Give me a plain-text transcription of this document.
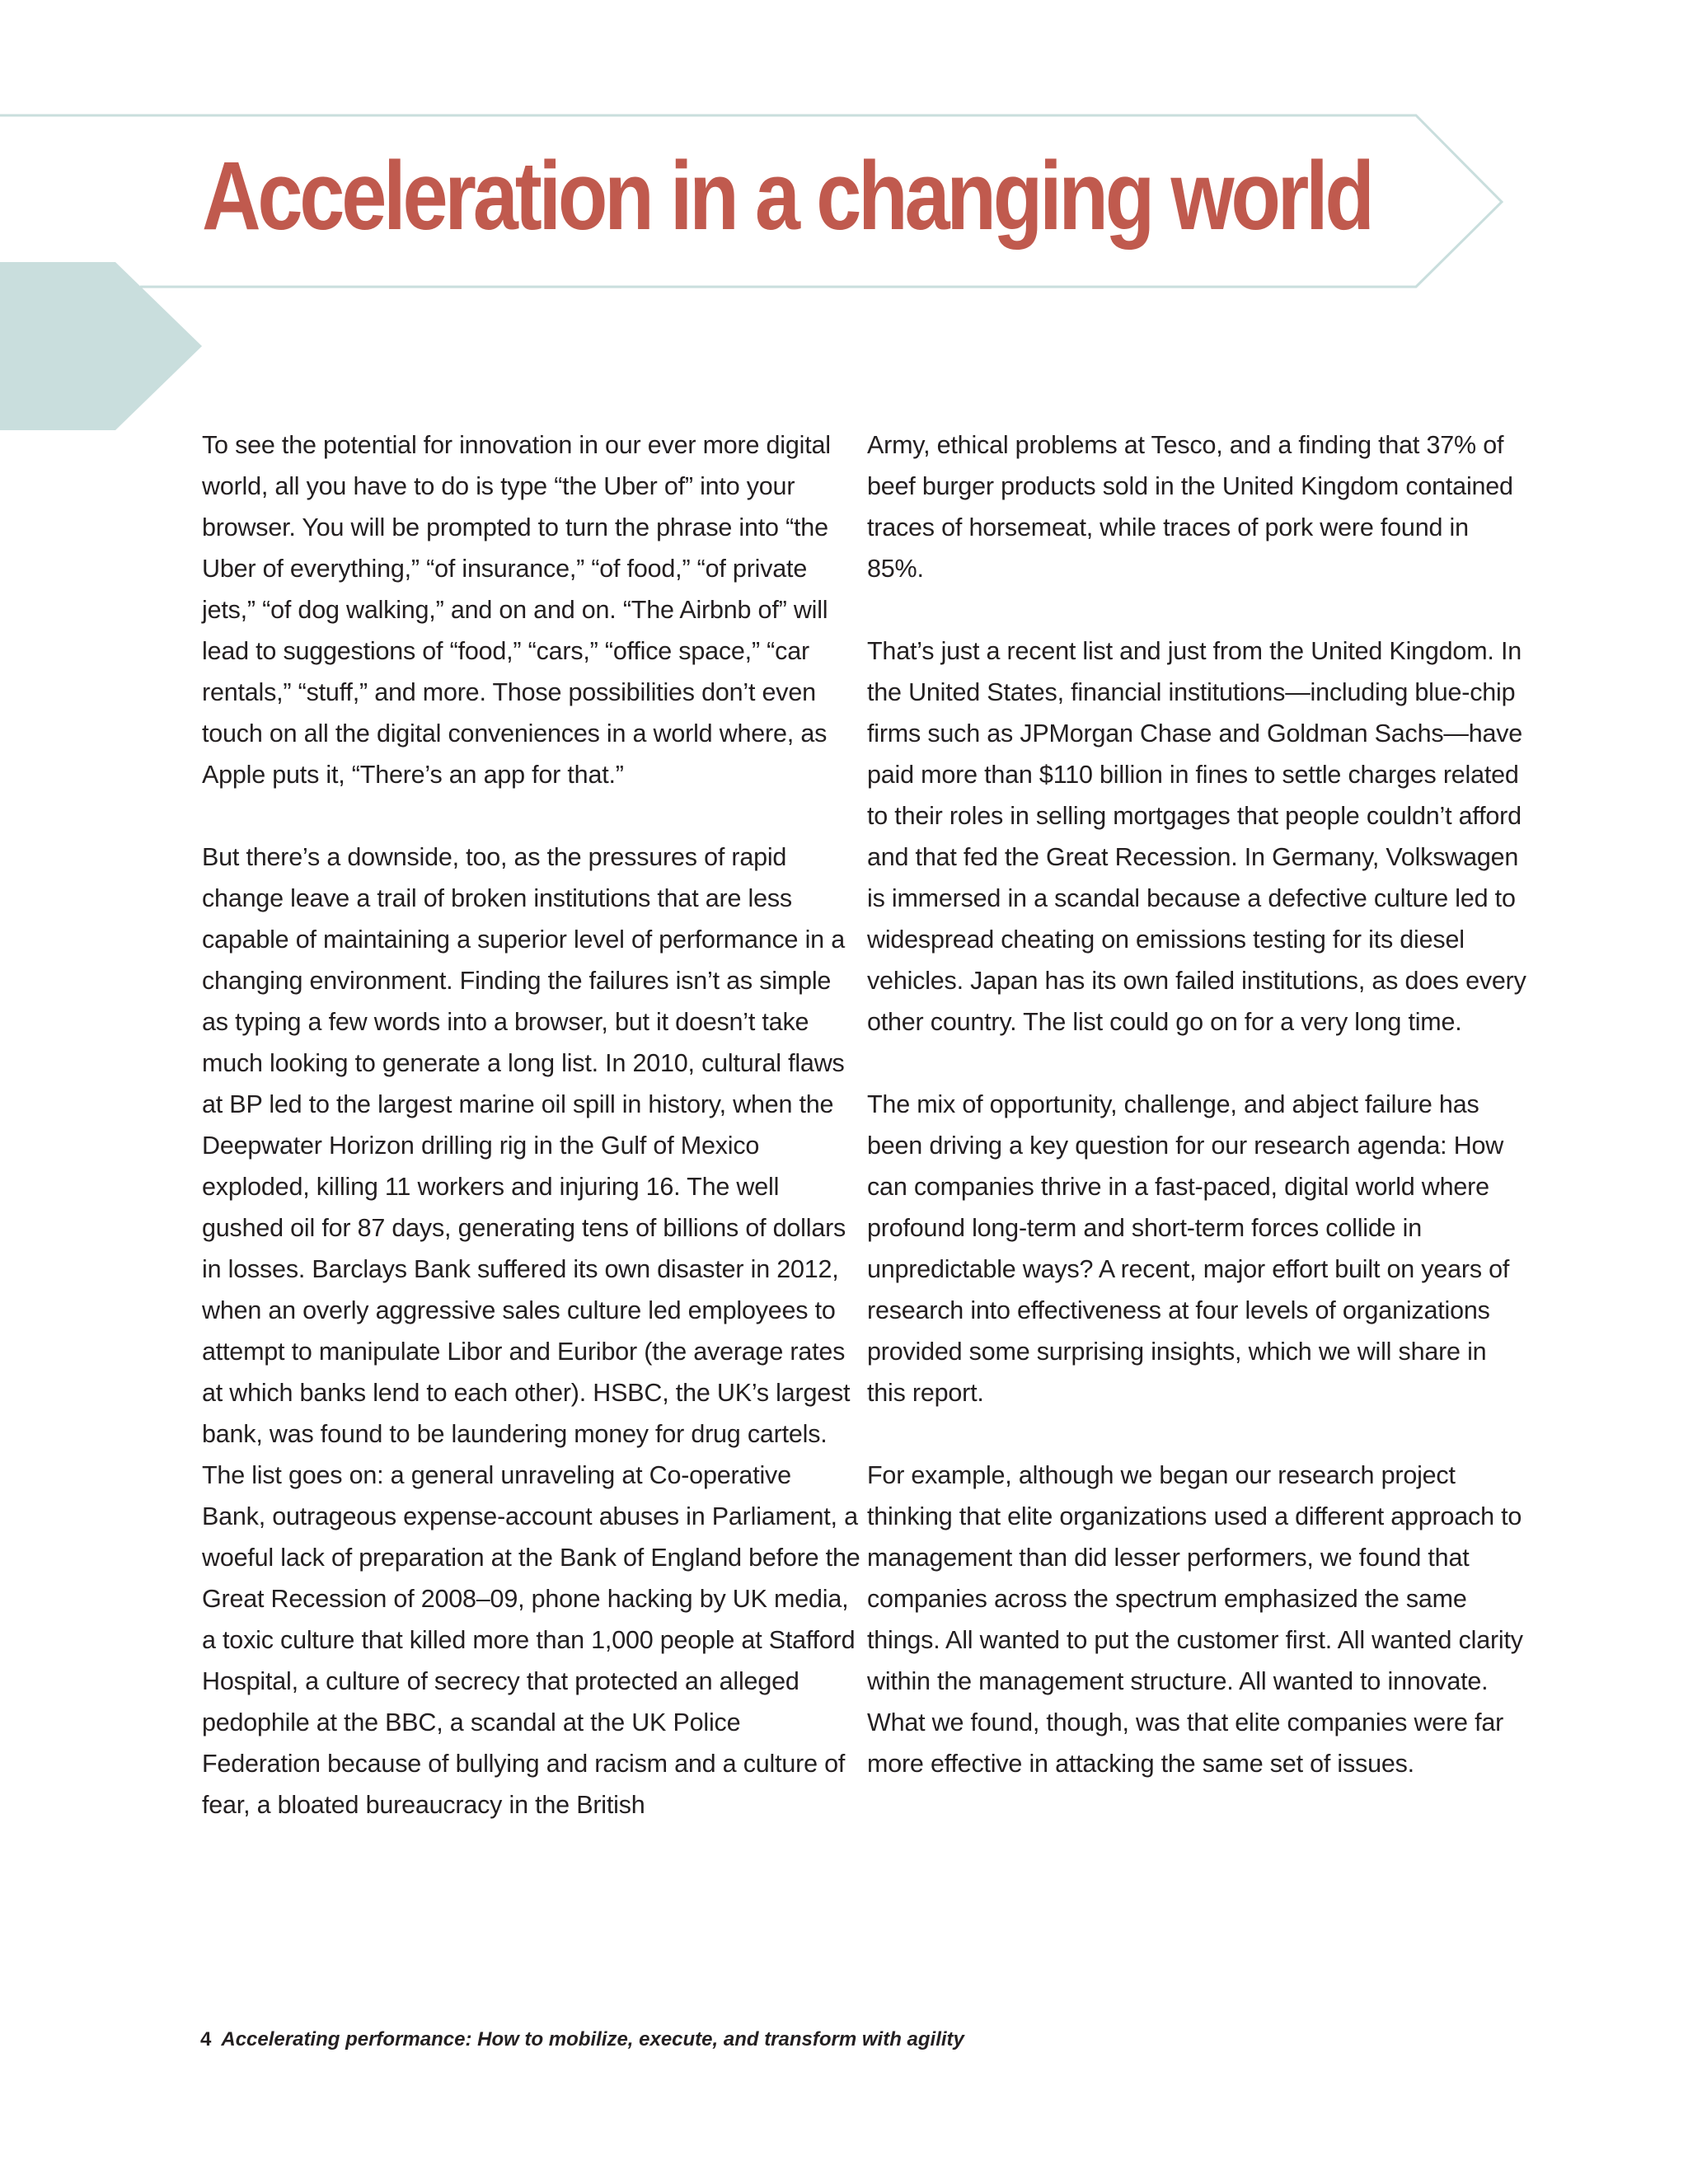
Acceleration in a changing world

To see the potential for innovation in our ever more digital world, all you have to do is type “the Uber of” into your browser. You will be prompted to turn the phrase into “the Uber of everything,” “of insurance,” “of food,” “of private jets,” “of dog walking,” and on and on. “The Airbnb of” will lead to suggestions of “food,” “cars,” “office space,” “car rentals,” “stuff,” and more. Those possibilities don’t even touch on all the digital conveniences in a world where, as Apple puts it, “There’s an app for that.”

But there’s a downside, too, as the pressures of rapid change leave a trail of broken institutions that are less capable of maintaining a superior level of performance in a changing environment. Finding the failures isn’t as simple as typing a few words into a browser, but it doesn’t take much looking to generate a long list. In 2010, cultural flaws at BP led to the largest marine oil spill in history, when the Deepwater Horizon drilling rig in the Gulf of Mexico exploded, killing 11 workers and injuring 16. The well gushed oil for 87 days, generating tens of billions of dollars in losses. Barclays Bank suffered its own disaster in 2012, when an overly aggressive sales culture led employees to attempt to manipulate Libor and Euribor (the average rates at which banks lend to each other). HSBC, the UK’s largest bank, was found to be laundering money for drug cartels. The list goes on: a general unraveling at Co-operative Bank, outrageous expense-account abuses in Parliament, a woeful lack of preparation at the Bank of England before the Great Recession of 2008–09, phone hacking by UK media, a toxic culture that killed more than 1,000 people at Stafford Hospital, a culture of secrecy that protected an alleged pedophile at the BBC, a scandal at the UK Police Federation because of bullying and racism and a culture of fear, a bloated bureaucracy in the British

Army, ethical problems at Tesco, and a finding that 37% of beef burger products sold in the United Kingdom contained traces of horsemeat, while traces of pork were found in 85%.

That’s just a recent list and just from the United Kingdom. In the United States, financial institutions—including blue-chip firms such as JPMorgan Chase and Goldman Sachs—have paid more than $110 billion in fines to settle charges related to their roles in selling mortgages that people couldn’t afford and that fed the Great Recession. In Germany, Volkswagen is immersed in a scandal because a defective culture led to widespread cheating on emissions testing for its diesel vehicles. Japan has its own failed institutions, as does every other country. The list could go on for a very long time.

The mix of opportunity, challenge, and abject failure has been driving a key question for our research agenda: How can companies thrive in a fast-paced, digital world where profound long-term and short-term forces collide in unpredictable ways? A recent, major effort built on years of research into effectiveness at four levels of organizations provided some surprising insights, which we will share in this report.

For example, although we began our research project thinking that elite organizations used a different approach to management than did lesser performers, we found that companies across the spectrum emphasized the same things. All wanted to put the customer first. All wanted clarity within the management structure. All wanted to innovate. What we found, though, was that elite companies were far more effective in attacking the same set of issues.

4 Accelerating performance: How to mobilize, execute, and transform with agility
